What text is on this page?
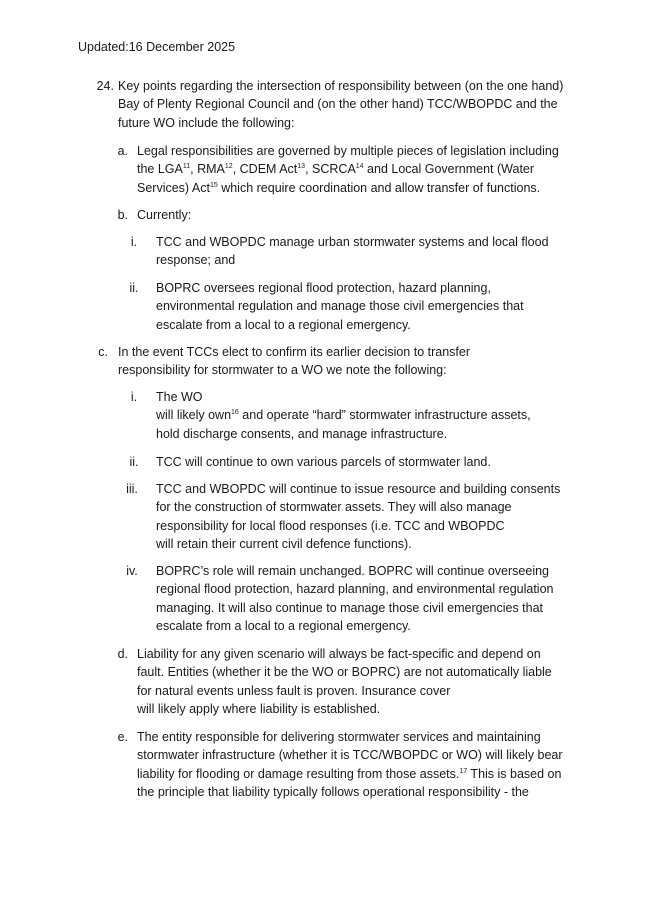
Updated:16 December 2025
24. Key points regarding the intersection of responsibility between (on the one hand)
Bay of Plenty Regional Council and (on the other hand) TCC/WBOPDC and the
future WO include the following:
a. Legal responsibilities are governed by multiple pieces of legislation including
the LGA$^{11}$, RMA$^{12}$, CDEM Act$^{13}$, SCRCA$^{14}$ and Local Government (Water
Services) Act$^{15}$ which require coordination and allow transfer of functions.
b. Currently:
i.	TCC and WBOPDC manage urban stormwater systems and local flood
response; and
ii.	BOPRC oversees regional flood protection, hazard planning,
environmental regulation and manage those civil emergencies that
escalate from a local to a regional emergency.
c. In the event TCCs elect to confirm its earlier decision to transfer
responsibility for stormwater to a WO we note the following:
i.	The WO
will likely own$^{16}$ and operate “hard” stormwater infrastructure assets,
hold discharge consents, and manage infrastructure.
ii.	TCC will continue to own various parcels of stormwater land.
iii.	TCC and WBOPDC will continue to issue resource and building consents
for the construction of stormwater assets. They will also manage
responsibility for local flood responses (i.e. TCC and WBOPDC
will retain their current civil defence functions).
iv.	BOPRC’s role will remain unchanged. BOPRC will continue overseeing
regional flood protection, hazard planning, and environmental regulation
managing. It will also continue to manage those civil emergencies that
escalate from a local to a regional emergency.
d. Liability for any given scenario will always be fact-specific and depend on
fault. Entities (whether it be the WO or BOPRC) are not automatically liable
for natural events unless fault is proven. Insurance cover
will likely apply where liability is established.
e. The entity responsible for delivering stormwater services and maintaining
stormwater infrastructure (whether it is TCC/WBOPDC or WO) will likely bear
liability for flooding or damage resulting from those assets.$^{17}$ This is based on
the principle that liability typically follows operational responsibility - the
